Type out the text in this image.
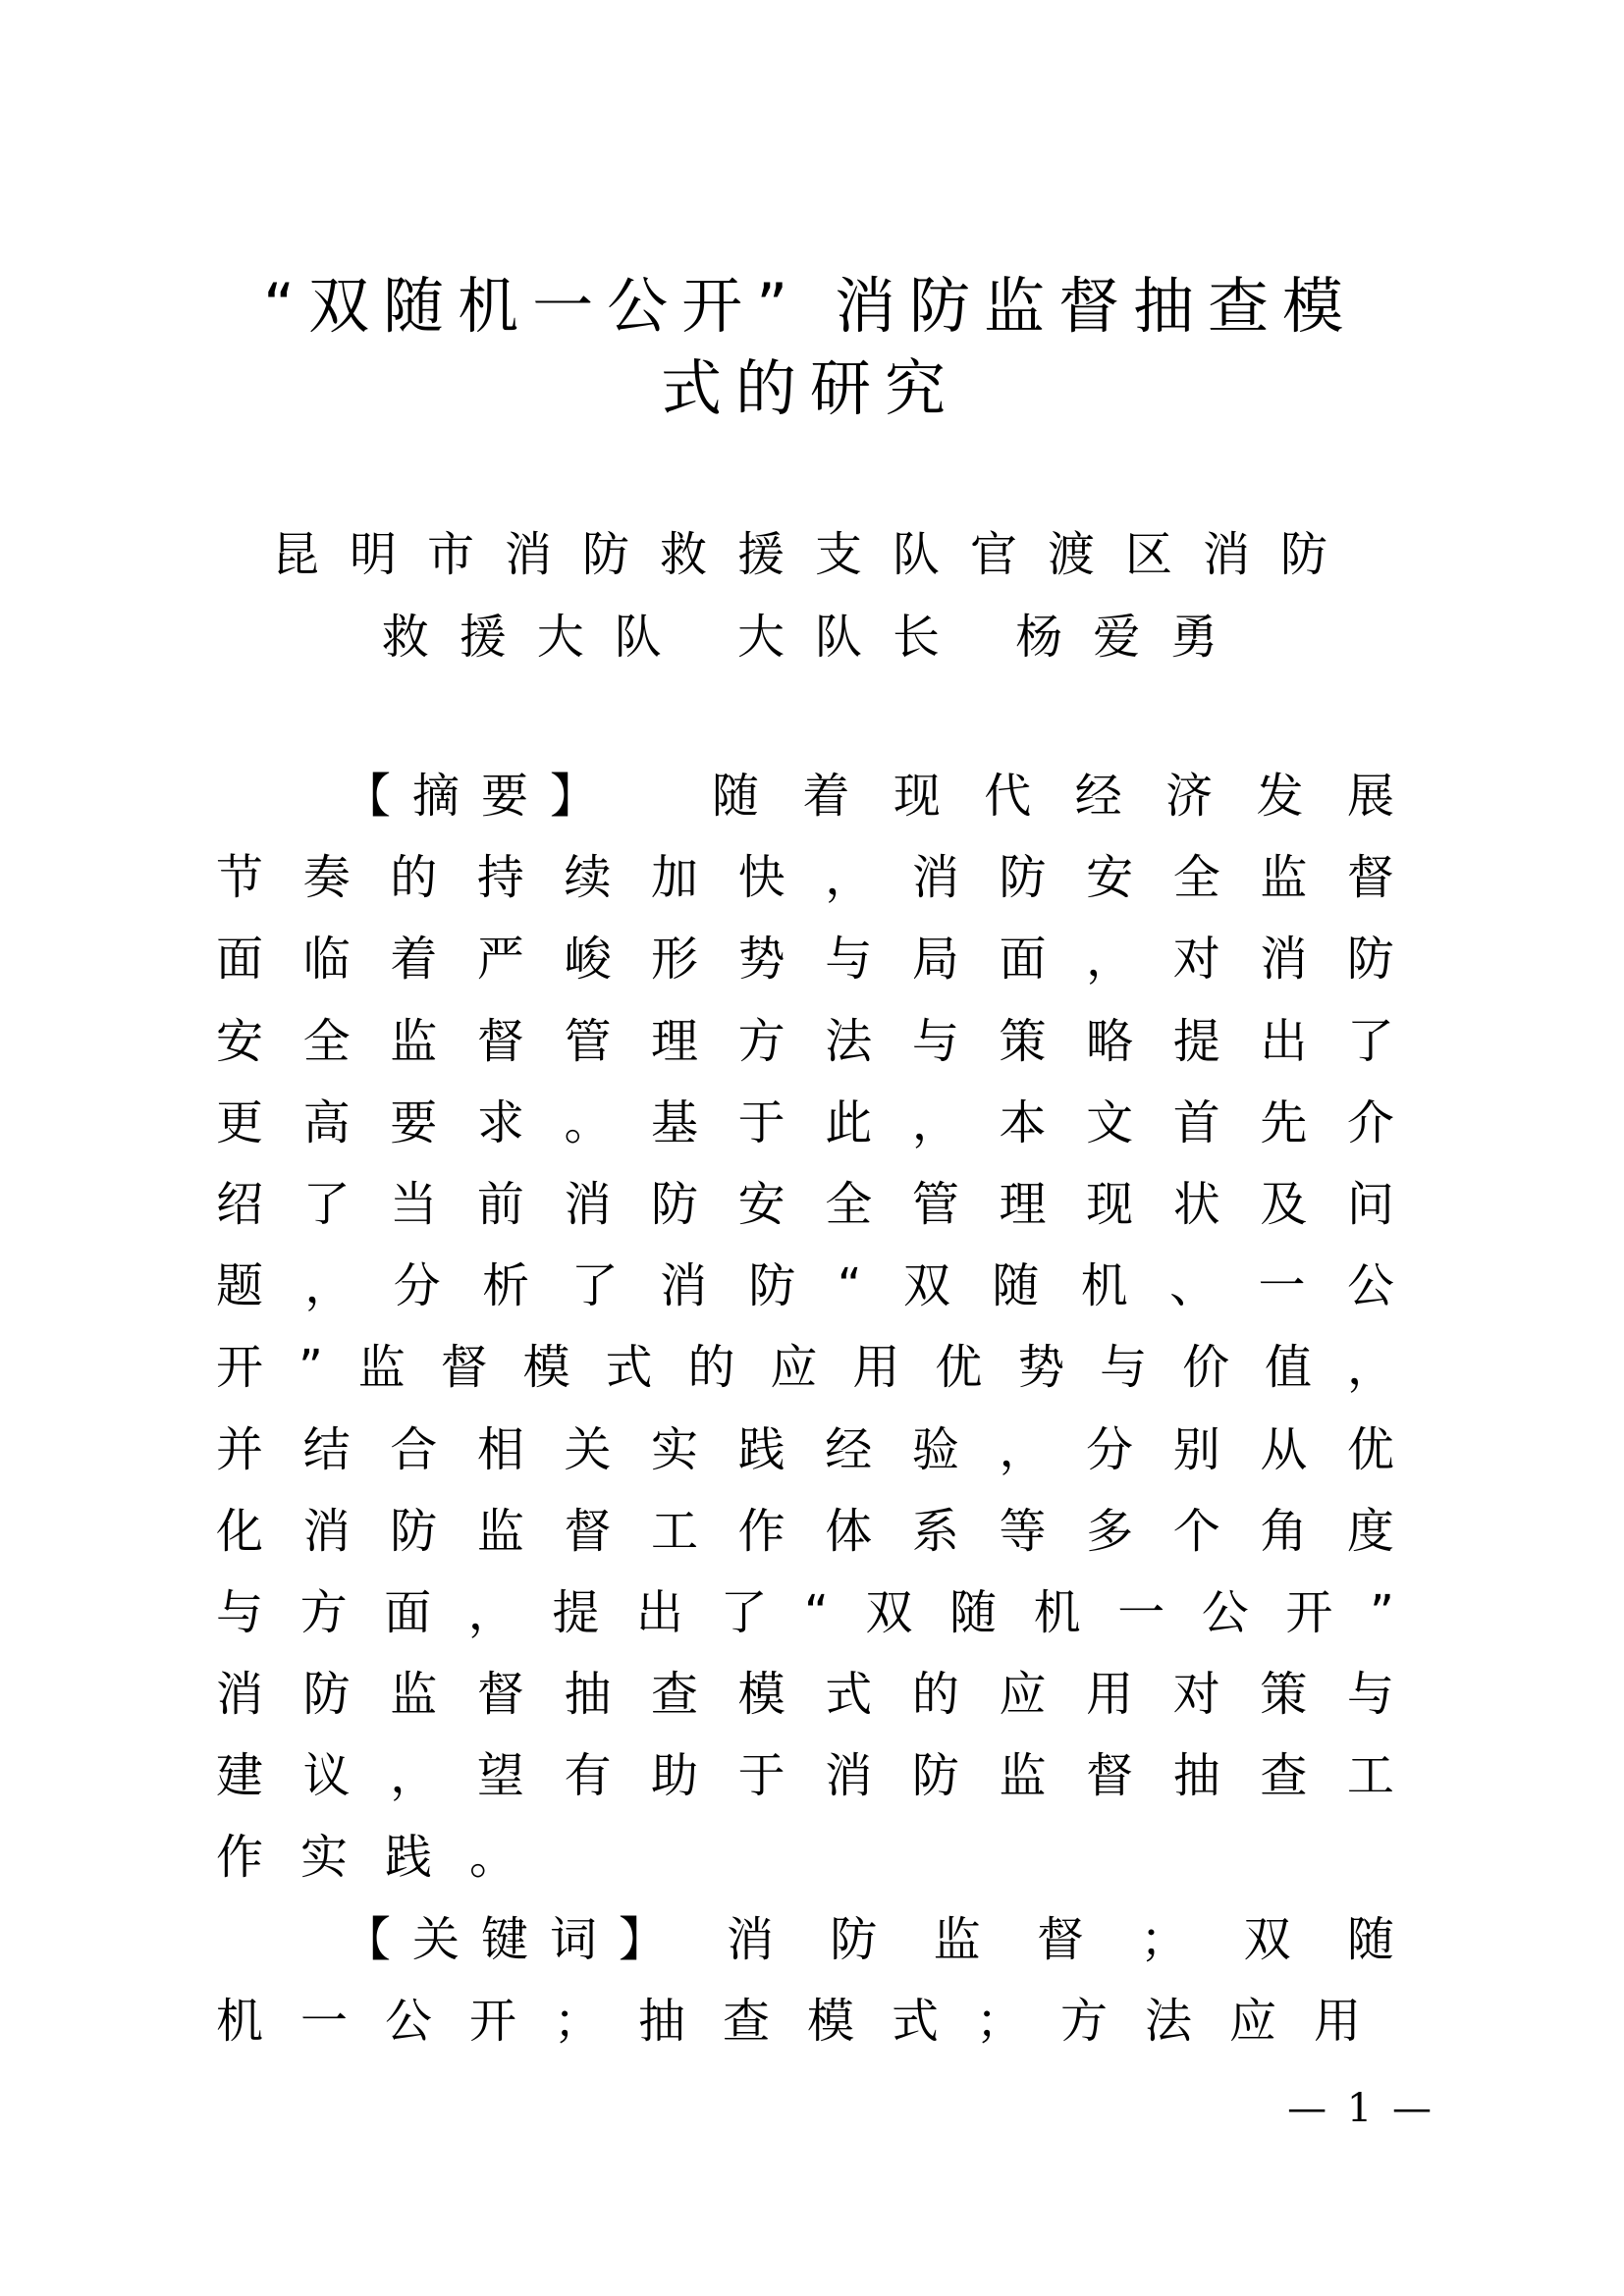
“双随机一公开” 消防监督抽查模
式的研究
昆明市消防救援支队官渡区消防
救援大队 大队长 杨爱勇
【摘要】 随 着 现 代 经 济 发 展
节 奏 的 持 续 加 快 ， 消 防 安 全 监 督
面 临 着 严 峻 形 势 与 局 面 ， 对 消 防
安 全 监 督 管 理 方 法 与 策 略 提 出 了
更 高 要 求 。 基 于 此 ， 本 文 首 先 介
绍 了 当 前 消 防 安 全 管 理 现 状 及 问
题 ， 分 析 了 消 防 “ 双 随 机 、 一 公
开 ” 监 督 模 式 的 应 用 优 势 与 价 值 ，
并 结 合 相 关 实 践 经 验 ， 分 别 从 优
化 消 防 监 督 工 作 体 系 等 多 个 角 度
与 方 面 ， 提 出 了 “ 双 随 机 一 公 开 ”
消 防 监 督 抽 查 模 式 的 应 用 对 策 与
建 议 ， 望 有 助 于 消 防 监 督 抽 查 工
作实践。
【关键词】 消 防 监 督 ； 双 随
机一公开；抽查模式；方法应用
— 1 —
